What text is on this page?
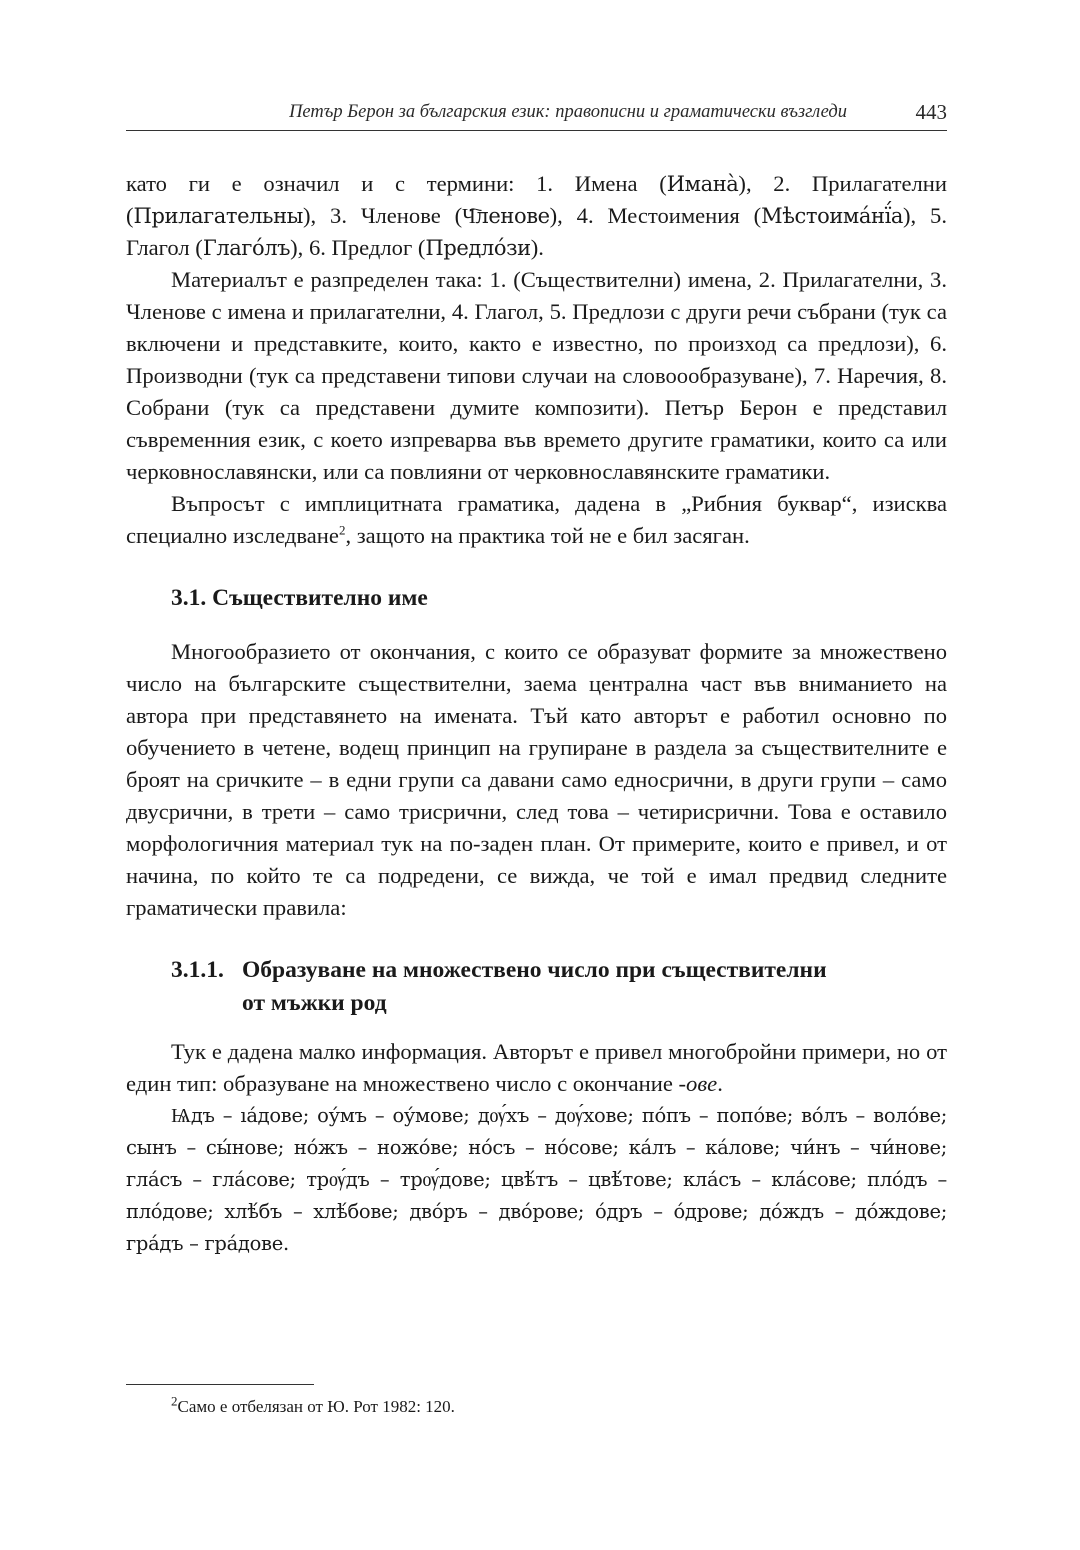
Петър Берон за българския език: правописни и граматически възгледи	443

като ги е означил и с термини: 1. Имена (Имана̀), 2. Прилагателни (Прилагательны), 3. Членове (Ч҇ленове), 4. Местоимения (Мѣстоима́нї́а), 5. Глагол (Глаго́лъ), 6. Предлог (Предло́зи).

Материалът е разпределен така: 1. (Съществителни) имена, 2. Прилагателни, 3. Членове с имена и прилагателни, 4. Глагол, 5. Предлози с други речи събрани (тук са включени и представките, които, както е известно, по произход са предлози), 6. Производни (тук са представени типови случаи на словоообразуване), 7. Наречия, 8. Собрани (тук са представени думите композити). Петър Берон е представил съвременния език, с което изпреварва във времето другите граматики, които са или черковнославянски, или са повлияни от черковнославянските граматики.

Въпросът с имплицитната граматика, дадена в „Рибния буквар“, изисква специално изследване$^2$, защото на практика той не е бил засяган.

3.1. Съществително име

Многообразието от окончания, с които се образуват формите за множествено число на българските съществителни, заема централна част във вниманието на автора при представянето на имената. Тъй като авторът е работил основно по обучението в четене, водещ принцип на групиране в раздела за съществителните е броят на сричките – в едни групи са давани само едносрични, в други групи – само двусрични, в трети – само трисрични, след това – четирисрични. Това е оставило морфологичния материал тук на по-заден план. От примерите, които е привел, и от начина, по който те са подредени, се вижда, че той е имал предвид следните граматически правила:

3.1.1. Образуване на множествено число при съществителни
от мъжки род

Тук е дадена малко информация. Авторът е привел многобройни примери, но от един тип: образуване на множествено число с окончание -ове.

Ѩдъ – ıа́дове; оу́мъ – оу́мове; дѹ́хъ – дѹ́хове; по́пъ – попо́ве; во́лъ – воло́ве; сынъ – сы́нове; но́жъ – ножо́ве; но́съ – но́сове; ка́лъ – ка́лове; чи́нъ – чи́нове; гла́съ – гла́сове; трѹ́дъ – трѹ́дове; цвѣ́тъ – цвѣ́тове; кла́съ – кла́сове; пло́дъ – пло́дове; хлѣ́бъ – хлѣ́бове; дво́ръ – дво́рове; о́дръ – о́дрове; до́ждъ – до́ждове; гра́дъ – гра́дове.

$^2$Само е отбелязан от Ю. Рот 1982: 120.
